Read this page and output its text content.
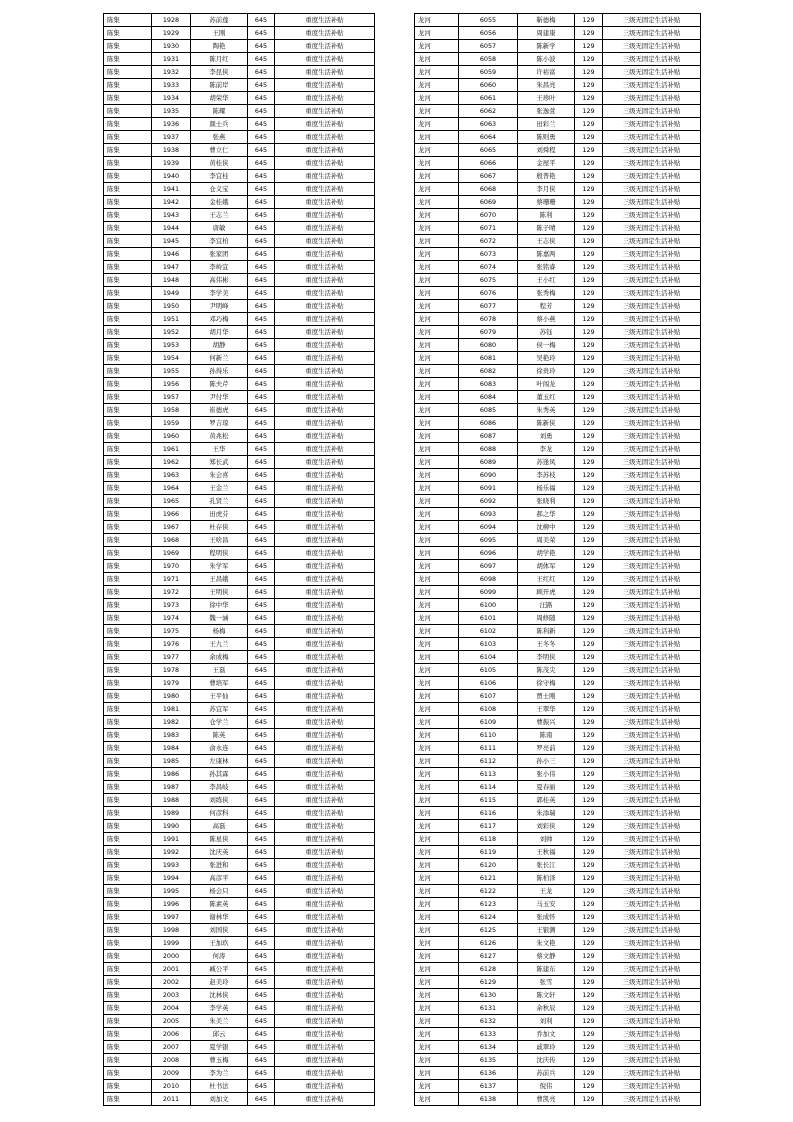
陈集	1928	苏前莲	645	重度生活补贴
陈集	1929	王刚	645	重度生活补贴
陈集	1930	陶艳	645	重度生活补贴
陈集	1931	陈月红	645	重度生活补贴
陈集	1932	李昆侠	645	重度生活补贴
陈集	1933	陈前岸	645	重度生活补贴
陈集	1934	胡荣华	645	重度生活补贴
陈集	1935	陈耀	645	重度生活补贴
陈集	1936	颜士兵	645	重度生活补贴
陈集	1937	张燕	645	重度生活补贴
陈集	1938	曹立仁	645	重度生活补贴
陈集	1939	黄桂侠	645	重度生活补贴
陈集	1940	李宜桂	645	重度生活补贴
陈集	1941	仓义宝	645	重度生活补贴
陈集	1942	金桂娥	645	重度生活补贴
陈集	1943	王志兰	645	重度生活补贴
陈集	1944	唐敏	645	重度生活补贴
陈集	1945	李宜柏	645	重度生活补贴
陈集	1946	张家团	645	重度生活补贴
陈集	1947	李岭宜	645	重度生活补贴
陈集	1948	高伟彬	645	重度生活补贴
陈集	1949	李学美	645	重度生活补贴
陈集	1950	尹明峰	645	重度生活补贴
陈集	1951	邓巧梅	645	重度生活补贴
陈集	1952	胡月华	645	重度生活补贴
陈集	1953	胡静	645	重度生活补贴
陈集	1954	何新兰	645	重度生活补贴
陈集	1955	孙得乐	645	重度生活补贴
陈集	1956	陈夫芹	645	重度生活补贴
陈集	1957	尹付华	645	重度生活补贴
陈集	1958	崔德虎	645	重度生活补贴
陈集	1959	罗吉琼	645	重度生活补贴
陈集	1960	黄兆松	645	重度生活补贴
陈集	1961	王华	645	重度生活补贴
陈集	1962	郑长武	645	重度生活补贴
陈集	1963	朱会喜	645	重度生活补贴
陈集	1964	王金兰	645	重度生活补贴
陈集	1965	孔贤兰	645	重度生活补贴
陈集	1966	田虎芬	645	重度生活补贴
陈集	1967	杜存侠	645	重度生活补贴
陈集	1968	王啥昌	645	重度生活补贴
陈集	1969	程明侠	645	重度生活补贴
陈集	1970	朱学军	645	重度生活补贴
陈集	1971	王昌娥	645	重度生活补贴
陈集	1972	王明侠	645	重度生活补贴
陈集	1973	徐中华	645	重度生活补贴
陈集	1974	魏一涵	645	重度生活补贴
陈集	1975	杨梅	645	重度生活补贴
陈集	1976	王九兰	645	重度生活补贴
陈集	1977	余成梅	645	重度生活补贴
陈集	1978	王磊	645	重度生活补贴
陈集	1979	曹培军	645	重度生活补贴
陈集	1980	王平仙	645	重度生活补贴
陈集	1981	苏宜军	645	重度生活补贴
陈集	1982	仓学兰	645	重度生活补贴
陈集	1983	陈英	645	重度生活补贴
陈集	1984	俞永连	645	重度生活补贴
陈集	1985	左康林	645	重度生活补贴
陈集	1986	孙其霖	645	重度生活补贴
陈集	1987	李昌岐	645	重度生活补贴
陈集	1988	刘练侠	645	重度生活补贴
陈集	1989	何彦科	645	重度生活补贴
陈集	1990	高磊	645	重度生活补贴
陈集	1991	陈星侠	645	重度生活补贴
陈集	1992	沈庆英	645	重度生活补贴
陈集	1993	张进和	645	重度生活补贴
陈集	1994	高彦平	645	重度生活补贴
陈集	1995	杨会只	645	重度生活补贴
陈集	1996	陈素英	645	重度生活补贴
陈集	1997	谢林华	645	重度生活补贴
陈集	1998	刘国侠	645	重度生活补贴
陈集	1999	王加玖	645	重度生活补贴
陈集	2000	何涛	645	重度生活补贴
陈集	2001	臧公平	645	重度生活补贴
陈集	2002	赵美玲	645	重度生活补贴
陈集	2003	沈林侠	645	重度生活补贴
陈集	2004	李学英	645	重度生活补贴
陈集	2005	朱美兰	645	重度生活补贴
陈集	2006	邱云	645	重度生活补贴
陈集	2007	夏学银	645	重度生活补贴
陈集	2008	曹玉梅	645	重度生活补贴
陈集	2009	李为兰	645	重度生活补贴
陈集	2010	杜书法	645	重度生活补贴
陈集	2011	刘加文	645	重度生活补贴
龙河	6055	靳德梅	129	三级无固定生活补贴
龙河	6056	周建康	129	三级无固定生活补贴
龙河	6057	陈新学	129	三级无固定生活补贴
龙河	6058	陈小波	129	三级无固定生活补贴
龙河	6059	许裕富	129	三级无固定生活补贴
龙河	6060	朱昌亮	129	三级无固定生活补贴
龙河	6061	王珍叶	129	三级无固定生活补贴
龙河	6062	张逸萱	129	三级无固定生活补贴
龙河	6063	田彩兰	129	三级无固定生活补贴
龙河	6064	陈则勇	129	三级无固定生活补贴
龙河	6065	刘舜程	129	三级无固定生活补贴
龙河	6066	金屋平	129	三级无固定生活补贴
龙河	6067	殷普艳	129	三级无固定生活补贴
龙河	6068	李月侠	129	三级无固定生活补贴
龙河	6069	蔡珊珊	129	三级无固定生活补贴
龙河	6070	陈利	129	三级无固定生活补贴
龙河	6071	陈子晴	129	三级无固定生活补贴
龙河	6072	王志侠	129	三级无固定生活补贴
龙河	6073	陈嘉两	129	三级无固定生活补贴
龙河	6074	张铭睿	129	三级无固定生活补贴
龙河	6075	王小红	129	三级无固定生活补贴
龙河	6076	张秀梅	129	三级无固定生活补贴
龙河	6077	程芳	129	三级无固定生活补贴
龙河	6078	蔡小燕	129	三级无固定生活补贴
龙河	6079	苏钰	129	三级无固定生活补贴
龙河	6080	侯一梅	129	三级无固定生活补贴
龙河	6081	吴艳玲	129	三级无固定生活补贴
龙河	6082	徐贵玲	129	三级无固定生活补贴
龙河	6083	叶闯龙	129	三级无固定生活补贴
龙河	6084	董玉红	129	三级无固定生活补贴
龙河	6085	朱秀英	129	三级无固定生活补贴
龙河	6086	陈新侠	129	三级无固定生活补贴
龙河	6087	刘勇	129	三级无固定生活补贴
龙河	6088	李龙	129	三级无固定生活补贴
龙河	6089	苏逢凤	129	三级无固定生活补贴
龙河	6090	李苏枝	129	三级无固定生活补贴
龙河	6091	杨乐福	129	三级无固定生活补贴
龙河	6092	张晓利	129	三级无固定生活补贴
龙河	6093	郝之华	129	三级无固定生活补贴
龙河	6094	沈柳中	129	三级无固定生活补贴
龙河	6095	周美荣	129	三级无固定生活补贴
龙河	6096	胡学艳	129	三级无固定生活补贴
龙河	6097	胡体军	129	三级无固定生活补贴
龙河	6098	王红红	129	三级无固定生活补贴
龙河	6099	顾开虎	129	三级无固定生活补贴
龙河	6100	汪路	129	三级无固定生活补贴
龙河	6101	周修随	129	三级无固定生活补贴
龙河	6102	陈利新	129	三级无固定生活补贴
龙河	6103	王冬冬	129	三级无固定生活补贴
龙河	6104	李明侠	129	三级无固定生活补贴
龙河	6105	陈茂尖	129	三级无固定生活补贴
龙河	6106	徐守梅	129	三级无固定生活补贴
龙河	6107	贾士刚	129	三级无固定生活补贴
龙河	6108	王翠华	129	三级无固定生活补贴
龙河	6109	曹振兴	129	三级无固定生活补贴
龙河	6110	陈南	129	三级无固定生活补贴
龙河	6111	罗亮前	129	三级无固定生活补贴
龙河	6112	孙小三	129	三级无固定生活补贴
龙河	6113	张小伟	129	三级无固定生活补贴
龙河	6114	夏春丽	129	三级无固定生活补贴
龙河	6115	郭桂英	129	三级无固定生活补贴
龙河	6116	朱添瑞	129	三级无固定生活补贴
龙河	6117	刘彩侠	129	三级无固定生活补贴
龙河	6118	刘帅	129	三级无固定生活补贴
龙河	6119	王秋福	129	三级无固定生活补贴
龙河	6120	张长江	129	三级无固定生活补贴
龙河	6121	陈柏泽	129	三级无固定生活补贴
龙河	6122	王龙	129	三级无固定生活补贴
龙河	6123	马玉安	129	三级无固定生活补贴
龙河	6124	张成怀	129	三级无固定生活补贴
龙河	6125	王银测	129	三级无固定生活补贴
龙河	6126	朱文艳	129	三级无固定生活补贴
龙河	6127	蔡文静	129	三级无固定生活补贴
龙河	6128	陈建东	129	三级无固定生活补贴
龙河	6129	张雪	129	三级无固定生活补贴
龙河	6130	陈文轩	129	三级无固定生活补贴
龙河	6131	余秋辰	129	三级无固定生活补贴
龙河	6132	刘利	129	三级无固定生活补贴
龙河	6133	乔加文	129	三级无固定生活补贴
龙河	6134	戚翠玲	129	三级无固定生活补贴
龙河	6135	沈庆传	129	三级无固定生活补贴
龙河	6136	苏前兵	129	三级无固定生活补贴
龙河	6137	倪伟	129	三级无固定生活补贴
龙河	6138	曹凯亮	129	三级无固定生活补贴
